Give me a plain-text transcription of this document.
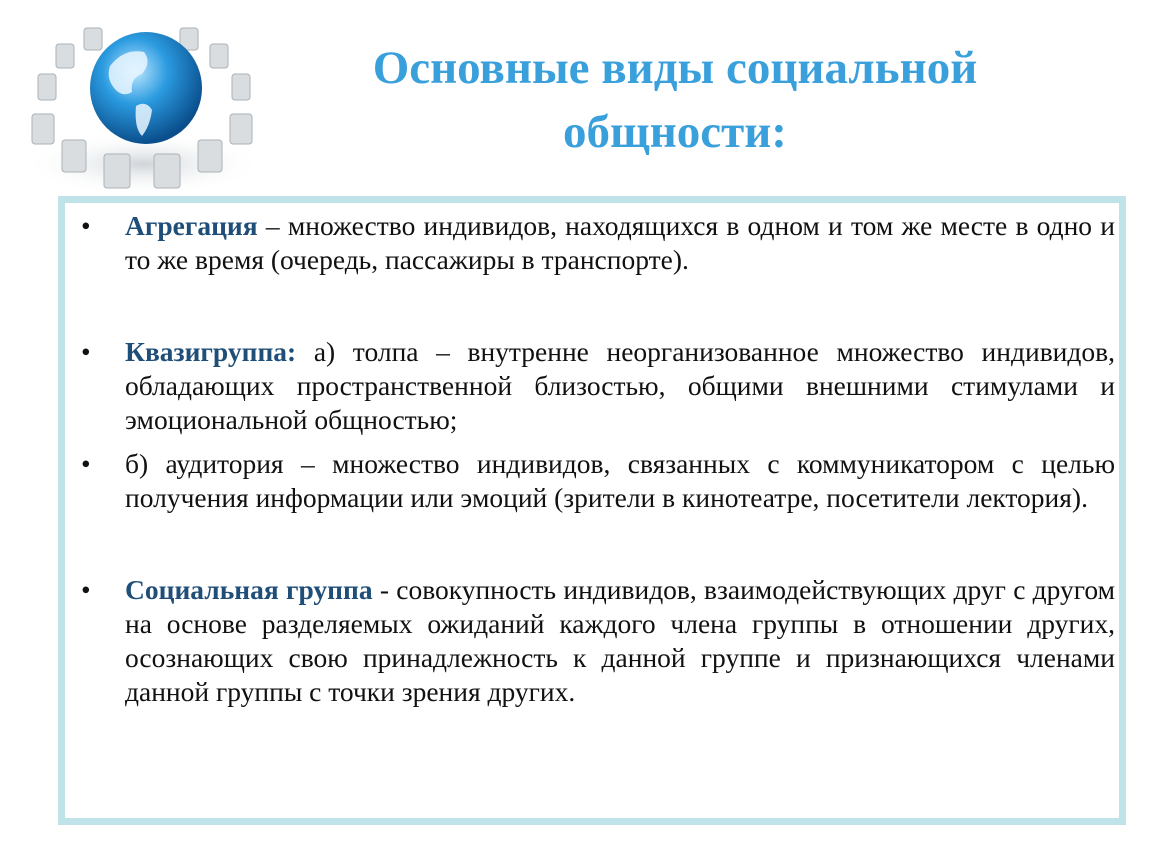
Основные виды социальной общности:
•	Агрегация – множество индивидов, находящихся в одном и том же месте в одно и то же время (очередь, пассажиры в транспорте).
•	Квазигруппа: а) толпа – внутренне неорганизованное множество индивидов, обладающих пространственной близостью, общими внешними стимулами и эмоциональной общностью;
•	б) аудитория – множество индивидов, связанных с коммуникатором с целью получения информации или эмоций (зрители в кинотеатре, посетители лектория).
•	Социальная группа - совокупность индивидов, взаимодействующих друг с другом на основе разделяемых ожиданий каждого члена группы в отношении других, осознающих свою принадлежность к данной группе и признающихся членами данной группы с точки зрения других.
